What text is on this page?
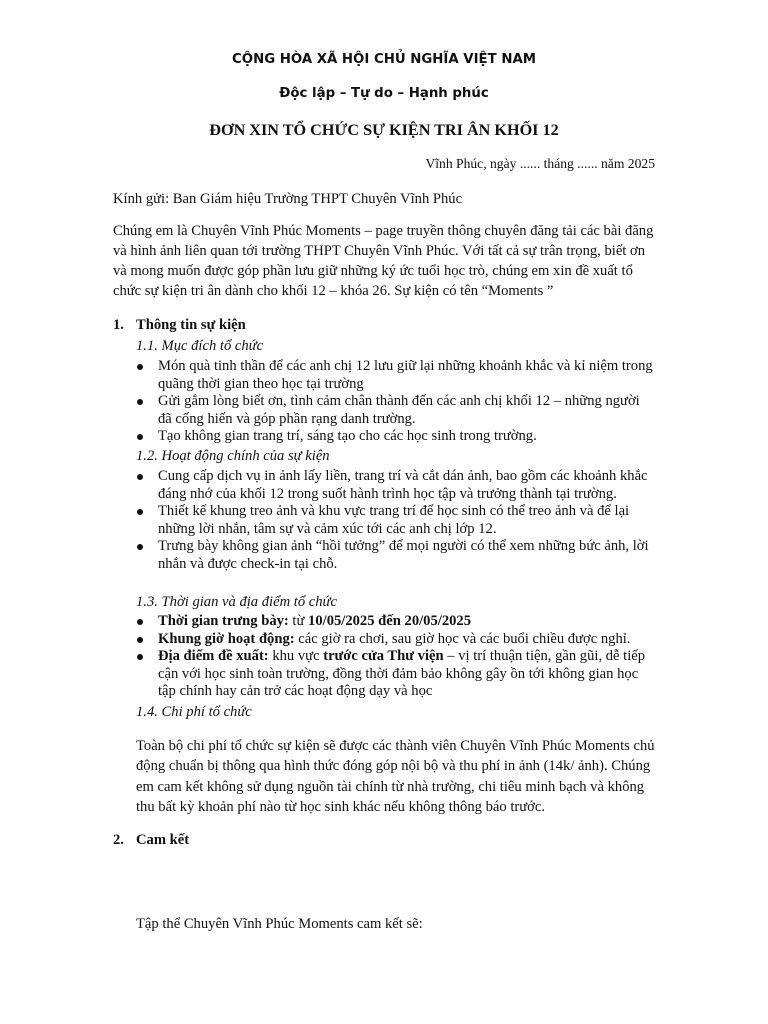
CỘNG HÒA XÃ HỘI CHỦ NGHĨA VIỆT NAM
Độc lập – Tự do – Hạnh phúc
ĐƠN XIN TỔ CHỨC SỰ KIỆN TRI ÂN KHỐI 12
Vĩnh Phúc, ngày ...... tháng ...... năm 2025
Kính gửi: Ban Giám hiệu Trường THPT Chuyên Vĩnh Phúc
Chúng em là Chuyên Vĩnh Phúc Moments – page truyền thông chuyên đăng tải các bài đăng và hình ảnh liên quan tới trường THPT Chuyên Vĩnh Phúc. Với tất cả sự trân trọng, biết ơn và mong muốn được góp phần lưu giữ những ký ức tuổi học trò, chúng em xin đề xuất tổ chức sự kiện tri ân dành cho khối 12 – khóa 26. Sự kiện có tên “Moments ”
1. Thông tin sự kiện
1.1. Mục đích tổ chức
Món quà tinh thần để các anh chị 12 lưu giữ lại những khoảnh khắc và kỉ niệm trong quãng thời gian theo học tại trường
Gửi gắm lòng biết ơn, tình cảm chân thành đến các anh chị khối 12 – những người đã cống hiến và góp phần rạng danh trường.
Tạo không gian trang trí, sáng tạo cho các học sinh trong trường.
1.2. Hoạt động chính của sự kiện
Cung cấp dịch vụ in ảnh lấy liền, trang trí và cắt dán ảnh, bao gồm các khoảnh khắc đáng nhớ của khối 12 trong suốt hành trình học tập và trưởng thành tại trường.
Thiết kế khung treo ảnh và khu vực trang trí để học sinh có thể treo ảnh và để lại những lời nhắn, tâm sự và cảm xúc tới các anh chị lớp 12.
Trưng bày không gian ảnh “hồi tưởng” để mọi người có thể xem những bức ảnh, lời nhắn và được check-in tại chỗ.
1.3. Thời gian và địa điểm tổ chức
Thời gian trưng bày: từ 10/05/2025 đến 20/05/2025
Khung giờ hoạt động: các giờ ra chơi, sau giờ học và các buổi chiều được nghỉ.
Địa điểm đề xuất: khu vực trước cửa Thư viện – vị trí thuận tiện, gần gũi, dễ tiếp cận với học sinh toàn trường, đồng thời đảm bảo không gây ồn tới không gian học tập chính hay cản trở các hoạt động dạy và học
1.4. Chi phí tổ chức
Toàn bộ chi phí tổ chức sự kiện sẽ được các thành viên Chuyên Vĩnh Phúc Moments chủ động chuẩn bị thông qua hình thức đóng góp nội bộ và thu phí in ảnh (14k/ ảnh). Chúng em cam kết không sử dụng nguồn tài chính từ nhà trường, chi tiêu minh bạch và không thu bất kỳ khoản phí nào từ học sinh khác nếu không thông báo trước.
2. Cam kết
Tập thể Chuyên Vĩnh Phúc Moments cam kết sẽ:
